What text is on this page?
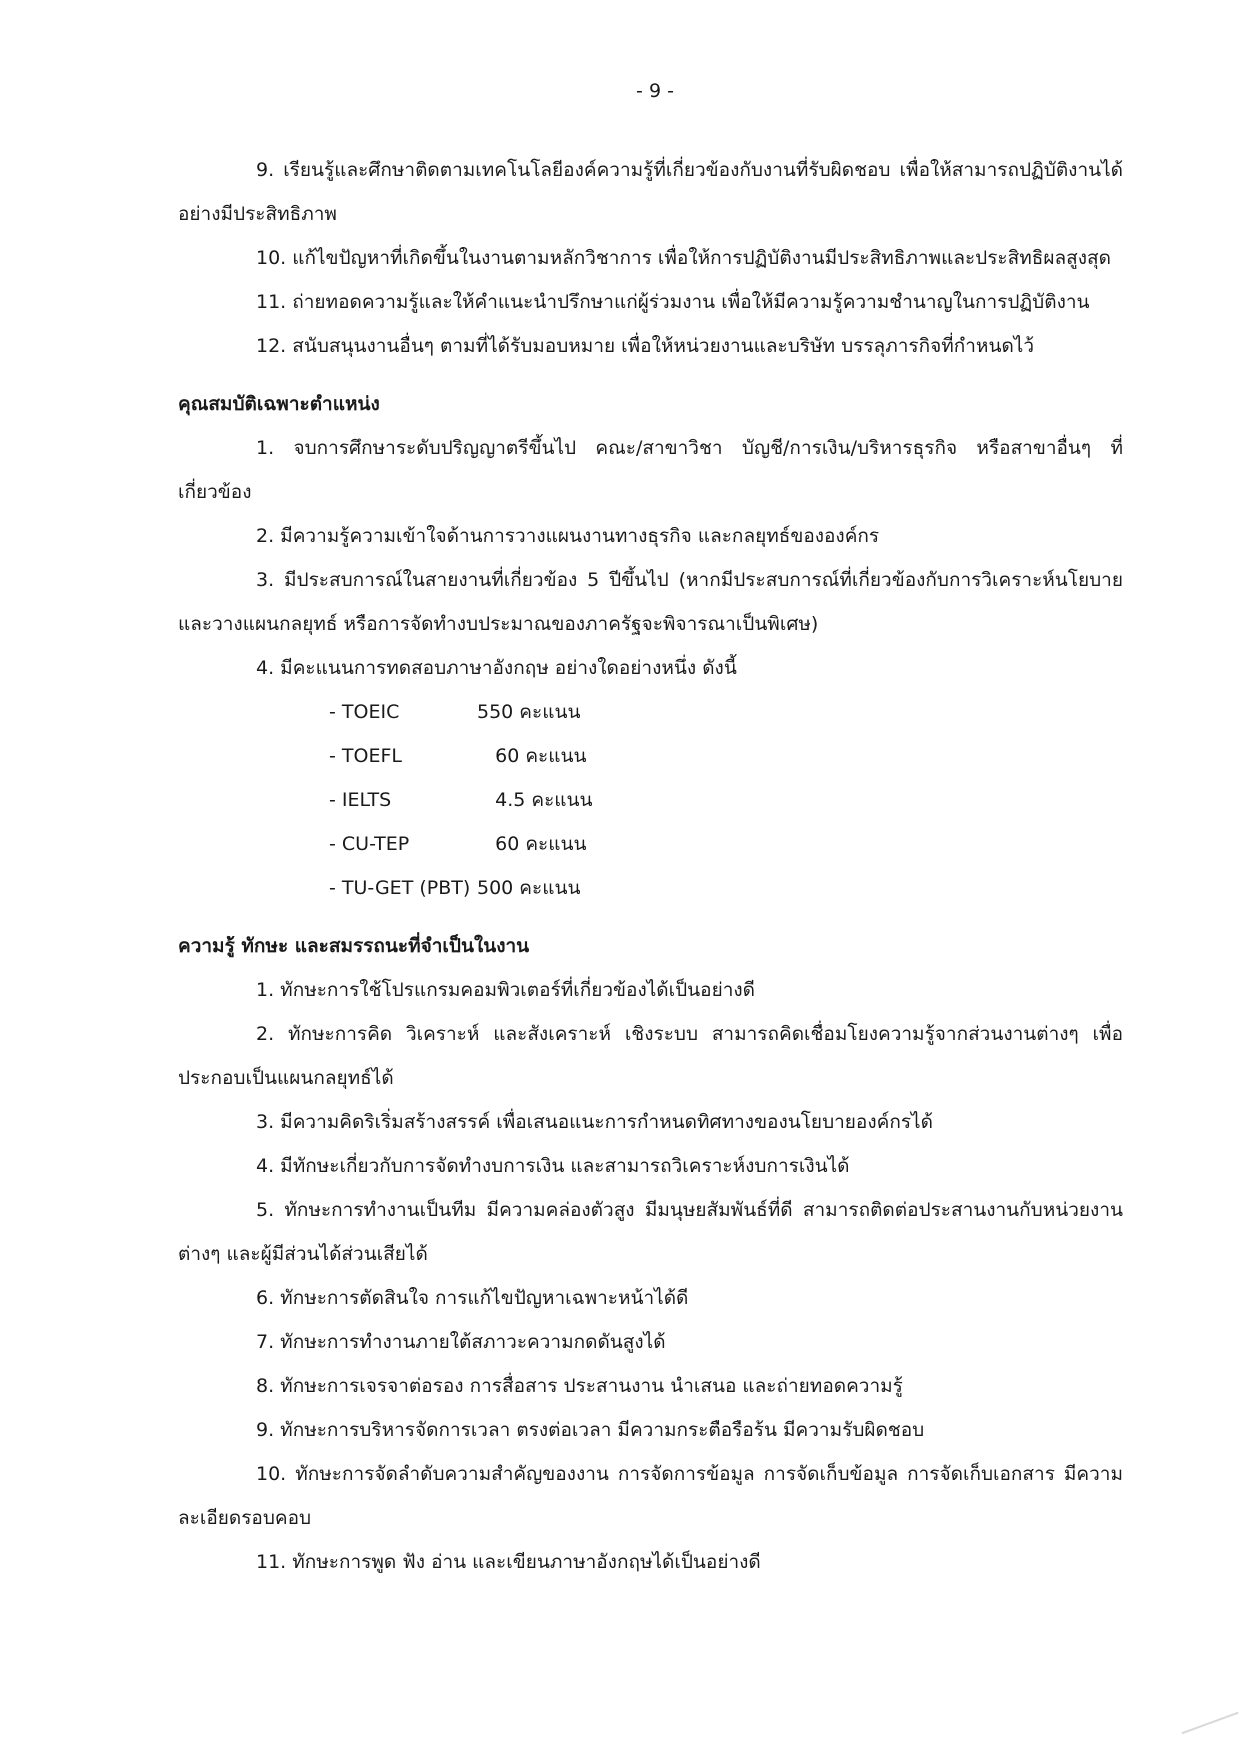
- 9 -

9. เรียนรู้และศึกษาติดตามเทคโนโลยีองค์ความรู้ที่เกี่ยวข้องกับงานที่รับผิดชอบ เพื่อให้สามารถปฏิบัติงานได้อย่างมีประสิทธิภาพ

10. แก้ไขปัญหาที่เกิดขึ้นในงานตามหลักวิชาการ เพื่อให้การปฏิบัติงานมีประสิทธิภาพและประสิทธิผลสูงสุด

11. ถ่ายทอดความรู้และให้คำแนะนำปรึกษาแก่ผู้ร่วมงาน เพื่อให้มีความรู้ความชำนาญในการปฏิบัติงาน

12. สนับสนุนงานอื่นๆ ตามที่ได้รับมอบหมาย เพื่อให้หน่วยงานและบริษัท บรรลุภารกิจที่กำหนดไว้

คุณสมบัติเฉพาะตำแหน่ง

1. จบการศึกษาระดับปริญญาตรีขึ้นไป คณะ/สาขาวิชา บัญชี/การเงิน/บริหารธุรกิจ หรือสาขาอื่นๆ ที่เกี่ยวข้อง

2. มีความรู้ความเข้าใจด้านการวางแผนงานทางธุรกิจ และกลยุทธ์ขององค์กร

3. มีประสบการณ์ในสายงานที่เกี่ยวข้อง 5 ปีขึ้นไป (หากมีประสบการณ์ที่เกี่ยวข้องกับการวิเคราะห์นโยบายและวางแผนกลยุทธ์ หรือการจัดทำงบประมาณของภาครัฐจะพิจารณาเป็นพิเศษ)

4. มีคะแนนการทดสอบภาษาอังกฤษ อย่างใดอย่างหนึ่ง ดังนี้

- TOEIC	550 คะแนน
- TOEFL	60 คะแนน
- IELTS	4.5 คะแนน
- CU-TEP	60 คะแนน
- TU-GET (PBT) 500 คะแนน
ความรู้ ทักษะ และสมรรถนะที่จำเป็นในงาน

1. ทักษะการใช้โปรแกรมคอมพิวเตอร์ที่เกี่ยวข้องได้เป็นอย่างดี

2. ทักษะการคิด วิเคราะห์ และสังเคราะห์ เชิงระบบ สามารถคิดเชื่อมโยงความรู้จากส่วนงานต่างๆ เพื่อประกอบเป็นแผนกลยุทธ์ได้

3. มีความคิดริเริ่มสร้างสรรค์ เพื่อเสนอแนะการกำหนดทิศทางของนโยบายองค์กรได้

4. มีทักษะเกี่ยวกับการจัดทำงบการเงิน และสามารถวิเคราะห์งบการเงินได้

5. ทักษะการทำงานเป็นทีม มีความคล่องตัวสูง มีมนุษยสัมพันธ์ที่ดี สามารถติดต่อประสานงานกับหน่วยงานต่างๆ และผู้มีส่วนได้ส่วนเสียได้

6. ทักษะการตัดสินใจ การแก้ไขปัญหาเฉพาะหน้าได้ดี

7. ทักษะการทำงานภายใต้สภาวะความกดดันสูงได้

8. ทักษะการเจรจาต่อรอง การสื่อสาร ประสานงาน นำเสนอ และถ่ายทอดความรู้

9. ทักษะการบริหารจัดการเวลา ตรงต่อเวลา มีความกระตือรือร้น มีความรับผิดชอบ

10. ทักษะการจัดลำดับความสำคัญของงาน การจัดการข้อมูล การจัดเก็บข้อมูล การจัดเก็บเอกสาร มีความละเอียดรอบคอบ

11. ทักษะการพูด ฟัง อ่าน และเขียนภาษาอังกฤษได้เป็นอย่างดี
